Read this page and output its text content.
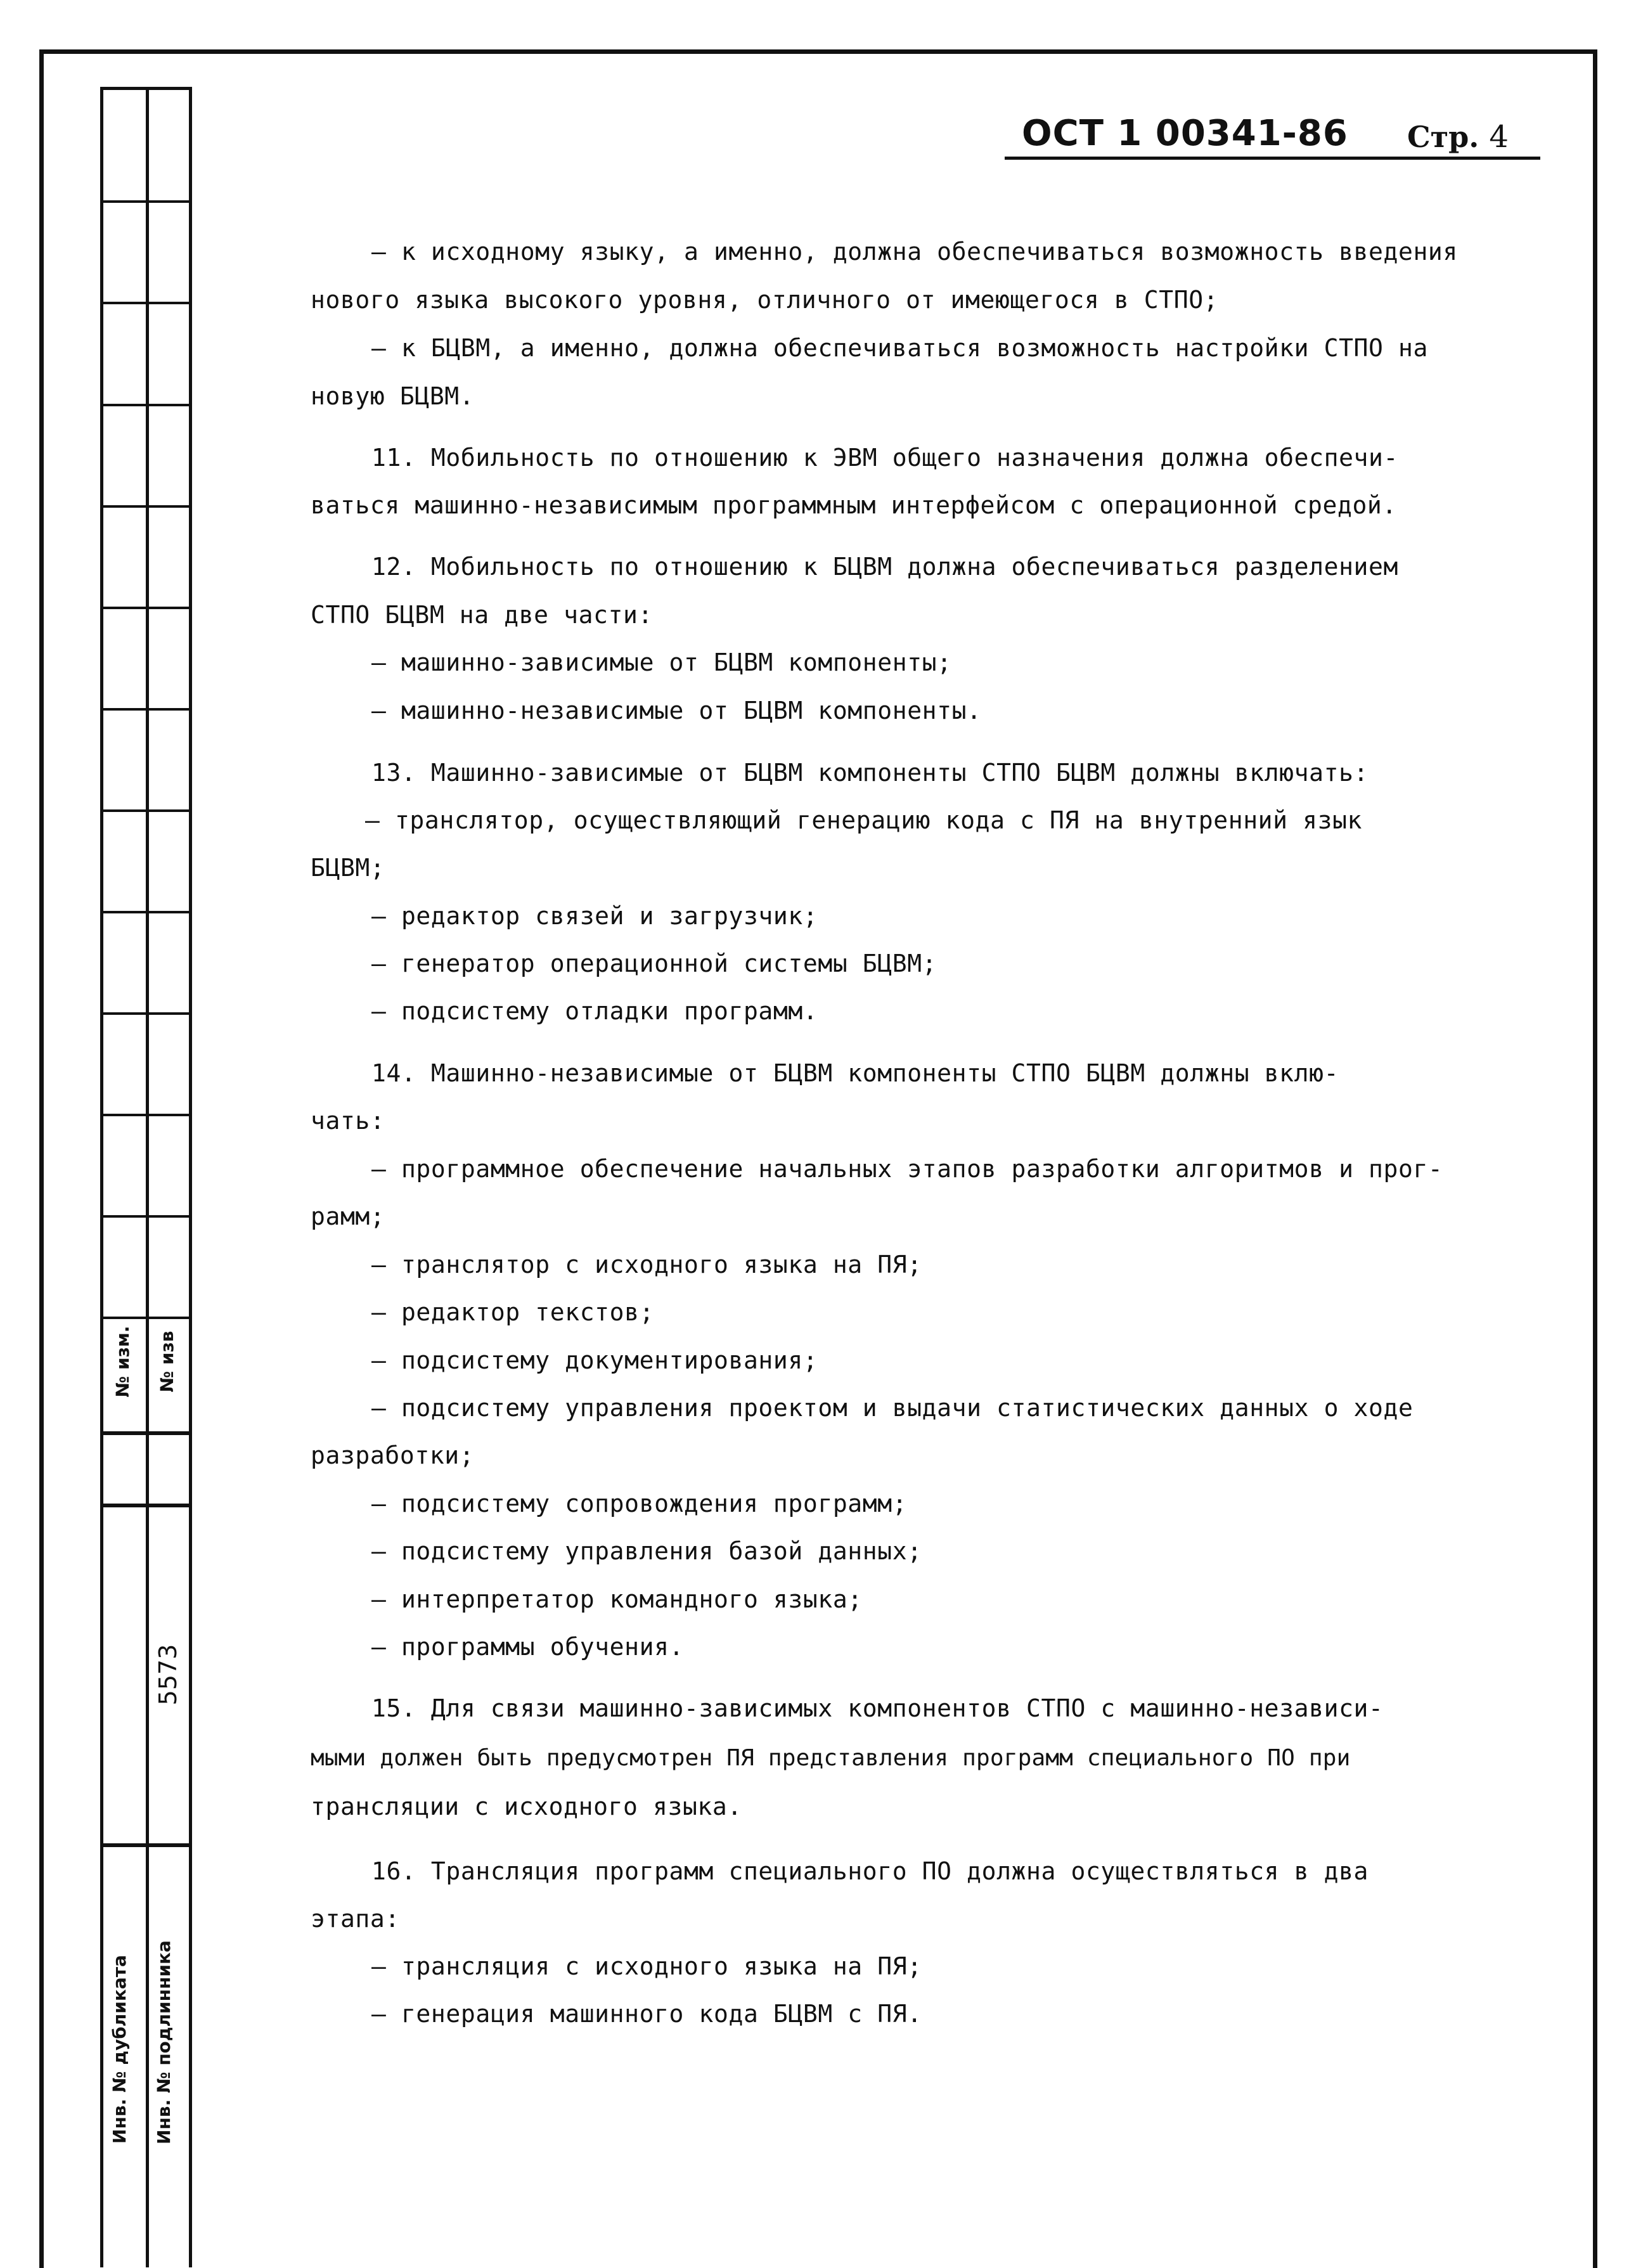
№ изм. № изв
5573
Инв. № дубликата Инв. № подлинника
ОСТ 1 00341-86 Стр. 4
– к исходному языку, а именно, должна обеспечиваться возможность введения
нового языка высокого уровня, отличного от имеющегося в СТПО;
– к БЦВМ, а именно, должна обеспечиваться возможность настройки СТПО на
новую БЦВМ.
11. Мобильность по отношению к ЭВМ общего назначения должна обеспечи-
ваться машинно-независимым программным интерфейсом с операционной средой.
12. Мобильность по отношению к БЦВМ должна обеспечиваться разделением
СТПО БЦВМ на две части:
– машинно-зависимые от БЦВМ компоненты;
– машинно-независимые от БЦВМ компоненты.
13. Машинно-зависимые от БЦВМ компоненты СТПО БЦВМ должны включать:
– транслятор, осуществляющий генерацию кода с ПЯ на внутренний язык
БЦВМ;
– редактор связей и загрузчик;
– генератор операционной системы БЦВМ;
– подсистему отладки программ.
14. Машинно-независимые от БЦВМ компоненты СТПО БЦВМ должны вклю-
чать:
– программное обеспечение начальных этапов разработки алгоритмов и прог-
рамм;
– транслятор с исходного языка на ПЯ;
– редактор текстов;
– подсистему документирования;
– подсистему управления проектом и выдачи статистических данных о ходе
разработки;
– подсистему сопровождения программ;
– подсистему управления базой данных;
– интерпретатор командного языка;
– программы обучения.
15. Для связи машинно-зависимых компонентов СТПО с машинно-независи-
мыми должен быть предусмотрен ПЯ представления программ специального ПО при
трансляции с исходного языка.
16. Трансляция программ специального ПО должна осуществляться в два
этапа:
– трансляция с исходного языка на ПЯ;
– генерация машинного кода БЦВМ с ПЯ.
